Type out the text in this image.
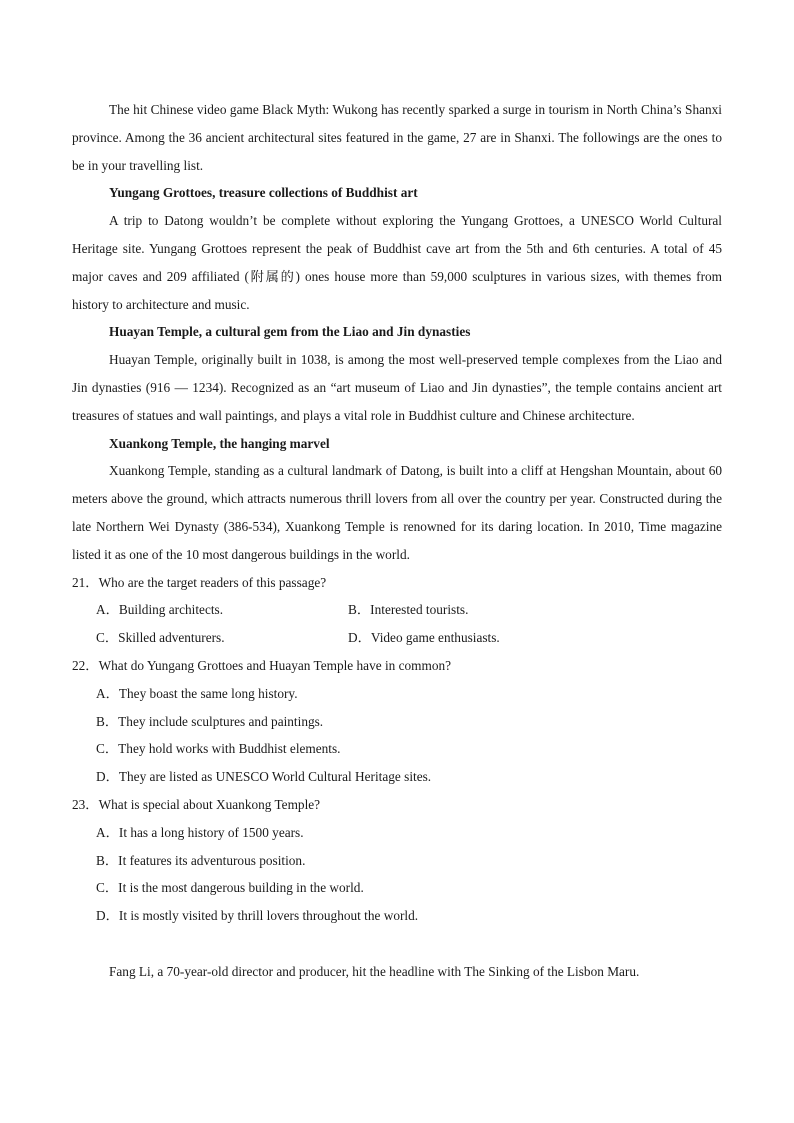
The hit Chinese video game Black Myth: Wukong has recently sparked a surge in tourism in North China’s Shanxi province. Among the 36 ancient architectural sites featured in the game, 27 are in Shanxi. The followings are the ones to be in your travelling list.

Yungang Grottoes, treasure collections of Buddhist art

A trip to Datong wouldn’t be complete without exploring the Yungang Grottoes, a UNESCO World Cultural Heritage site. Yungang Grottoes represent the peak of Buddhist cave art from the 5th and 6th centuries. A total of 45 major caves and 209 affiliated (附属的) ones house more than 59,000 sculptures in various sizes, with themes from history to architecture and music.

Huayan Temple, a cultural gem from the Liao and Jin dynasties

Huayan Temple, originally built in 1038, is among the most well-preserved temple complexes from the Liao and Jin dynasties (916 — 1234). Recognized as an “art museum of Liao and Jin dynasties”, the temple contains ancient art treasures of statues and wall paintings, and plays a vital role in Buddhist culture and Chinese architecture.

Xuankong Temple, the hanging marvel

Xuankong Temple, standing as a cultural landmark of Datong, is built into a cliff at Hengshan Mountain, about 60 meters above the ground, which attracts numerous thrill lovers from all over the country per year. Constructed during the late Northern Wei Dynasty (386-534), Xuankong Temple is renowned for its daring location. In 2010, Time magazine listed it as one of the 10 most dangerous buildings in the world.

21．Who are the target readers of this passage?

A．Building architects.	B．Interested tourists.
C．Skilled adventurers.	D．Video game enthusiasts.

22．What do Yungang Grottoes and Huayan Temple have in common?

A．They boast the same long history.

B．They include sculptures and paintings.

C．They hold works with Buddhist elements.

D．They are listed as UNESCO World Cultural Heritage sites.

23．What is special about Xuankong Temple?

A．It has a long history of 1500 years.

B．It features its adventurous position.

C．It is the most dangerous building in the world.

D．It is mostly visited by thrill lovers throughout the world.

Fang Li, a 70-year-old director and producer, hit the headline with The Sinking of the Lisbon Maru.
